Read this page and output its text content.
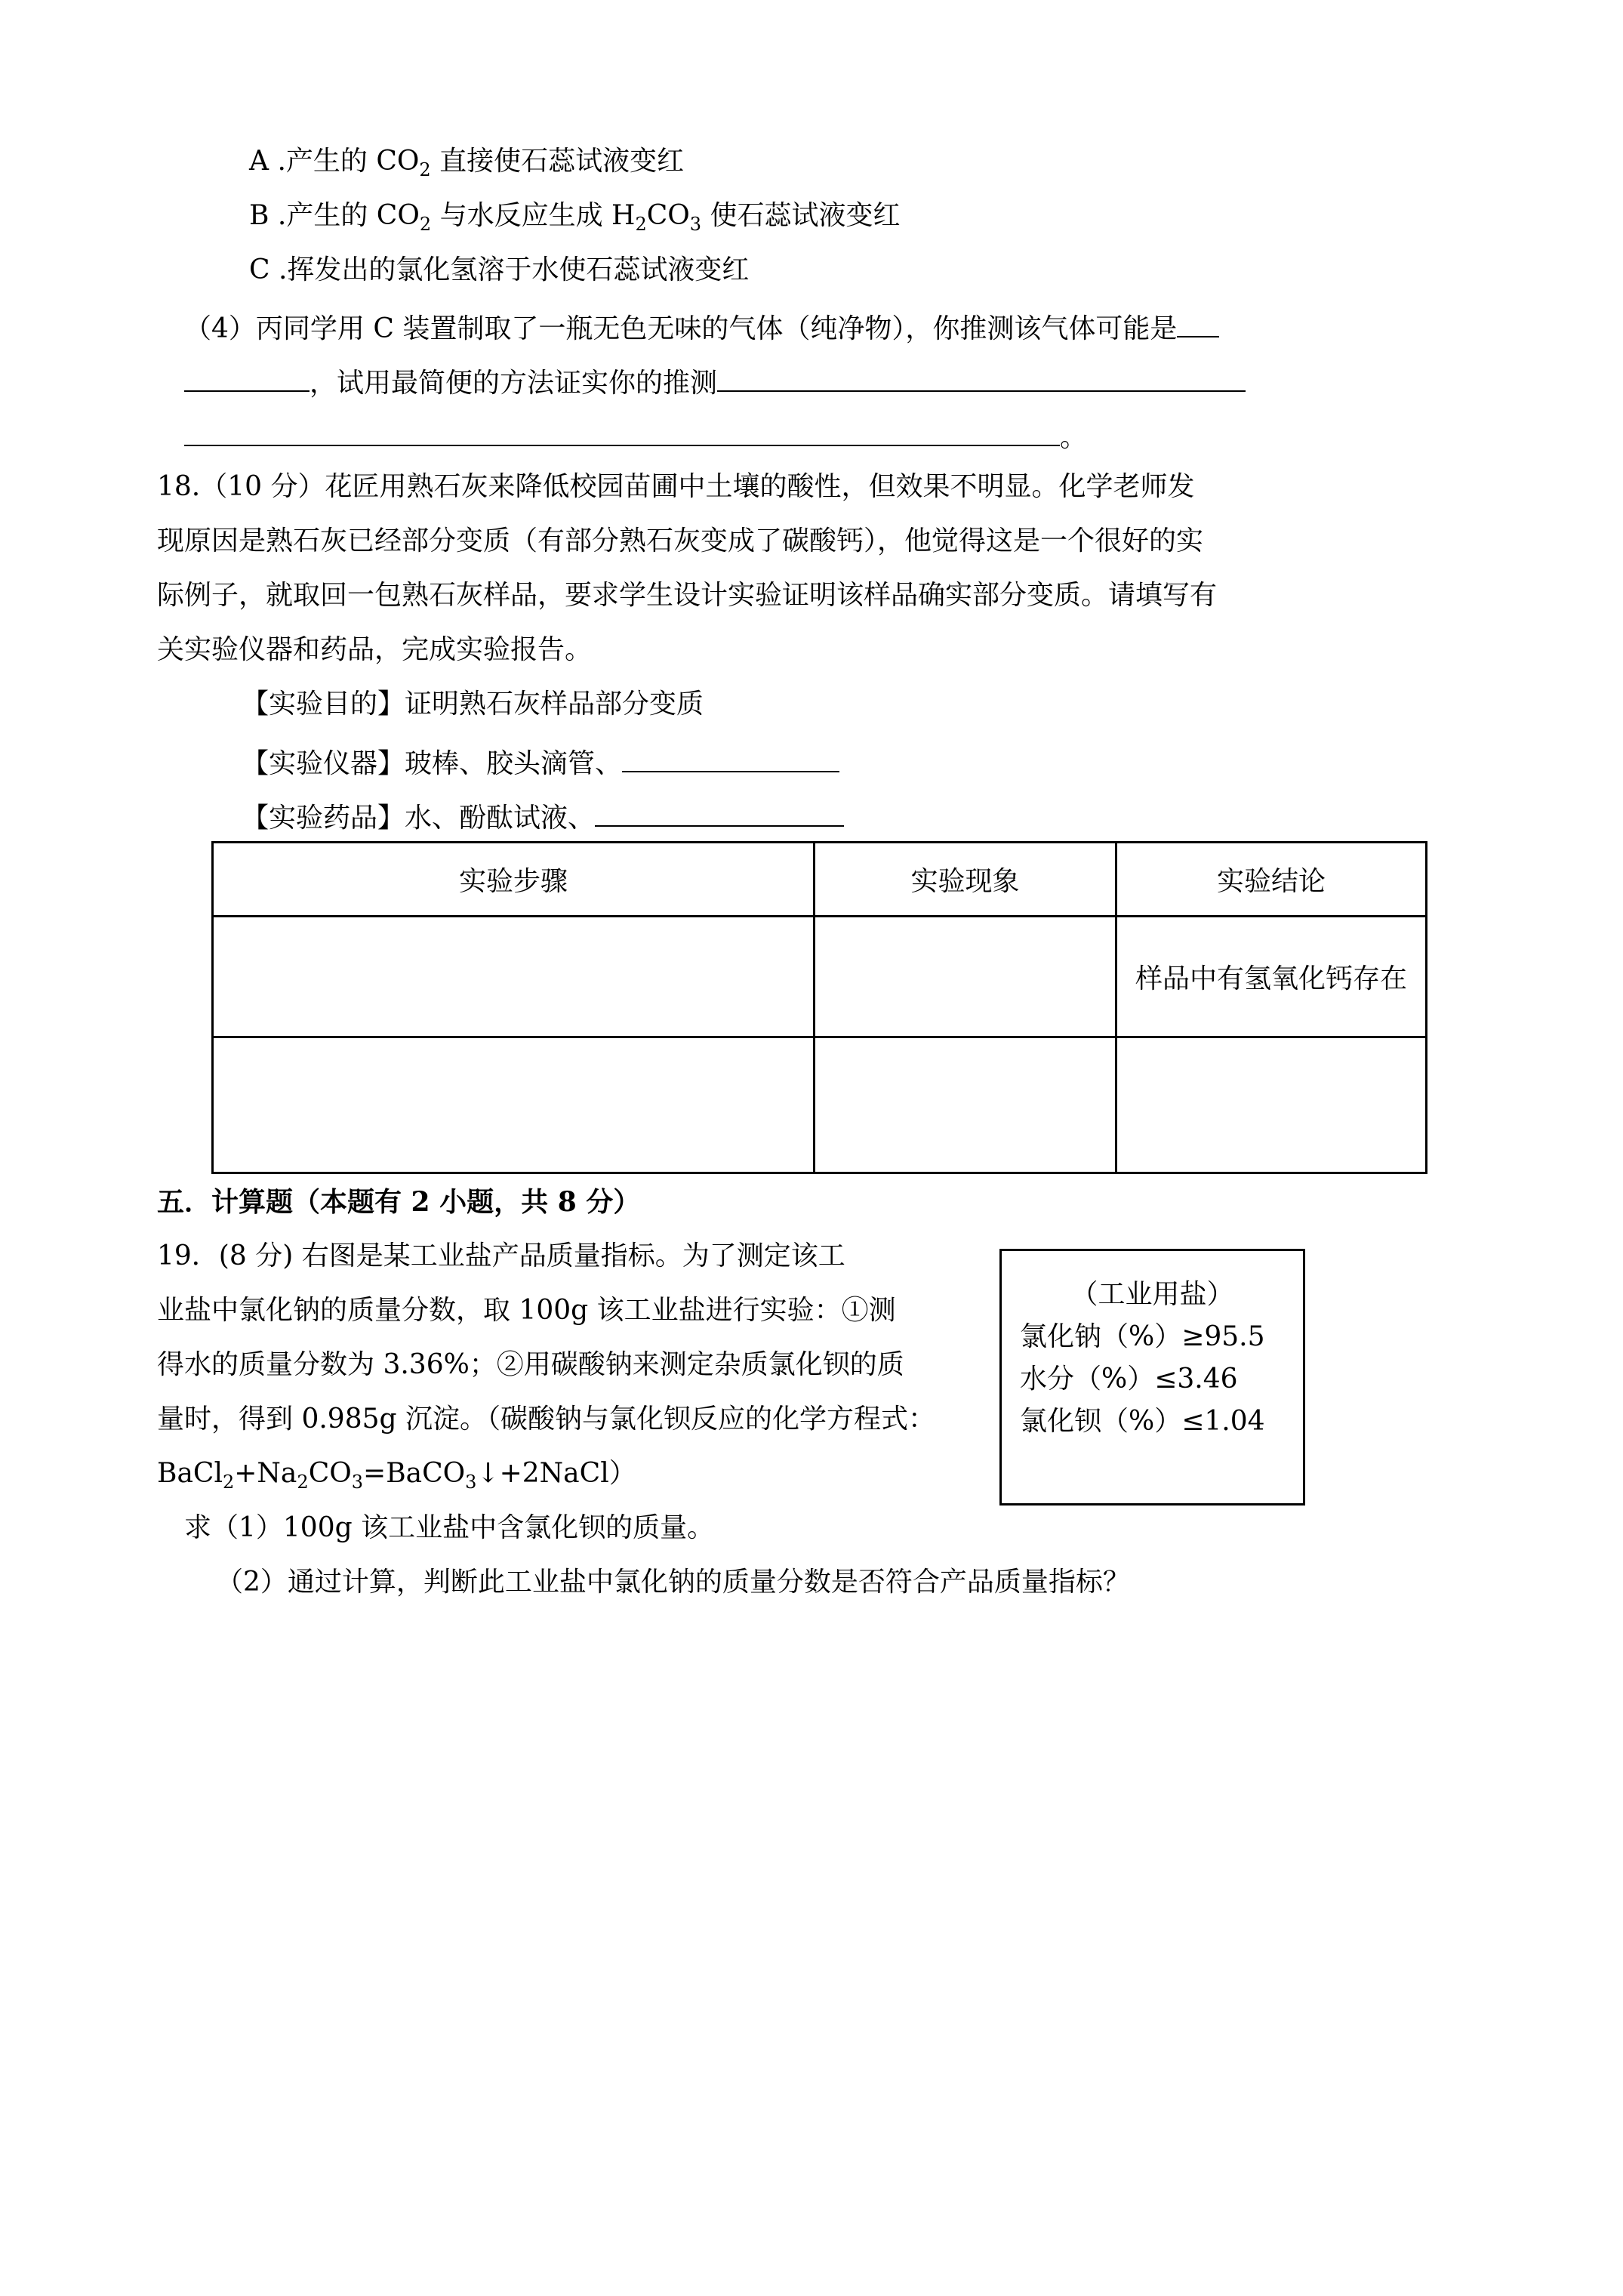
A .产生的 $CO_2$ 直接使石蕊试液变红
B .产生的 $CO_2$ 与水反应生成 $H_2CO_3$ 使石蕊试液变红
C .挥发出的氯化氢溶于水使石蕊试液变红
（4）丙同学用 C 装置制取了一瓶无色无味的气体（纯净物），你推测该气体可能是
，试用最简便的方法证实你的推测
。
18.（10 分）花匠用熟石灰来降低校园苗圃中土壤的酸性，但效果不明显。化学老师发
现原因是熟石灰已经部分变质（有部分熟石灰变成了碳酸钙），他觉得这是一个很好的实
际例子，就取回一包熟石灰样品，要求学生设计实验证明该样品确实部分变质。请填写有
关实验仪器和药品，完成实验报告。
【实验目的】证明熟石灰样品部分变质
【实验仪器】玻棒、胶头滴管、
【实验药品】水、酚酞试液、
实验步骤	实验现象	实验结论
		样品中有氢氧化钙存在

五．计算题（本题有 2 小题，共 8 分）
19．(8 分) 右图是某工业盐产品质量指标。为了测定该工
业盐中氯化钠的质量分数，取 100g 该工业盐进行实验：①测
得水的质量分数为 3.36%；②用碳酸钠来测定杂质氯化钡的质
量时，得到 0.985g 沉淀。（碳酸钠与氯化钡反应的化学方程式：
$BaCl_2+Na_2CO_3=BaCO_3↓+2NaCl$）
求（1）100g 该工业盐中含氯化钡的质量。
（2）通过计算，判断此工业盐中氯化钠的质量分数是否符合产品质量指标？
（工业用盐）
氯化钠（%）≥95.5
水分（%）≤3.46
氯化钡（%）≤1.04
